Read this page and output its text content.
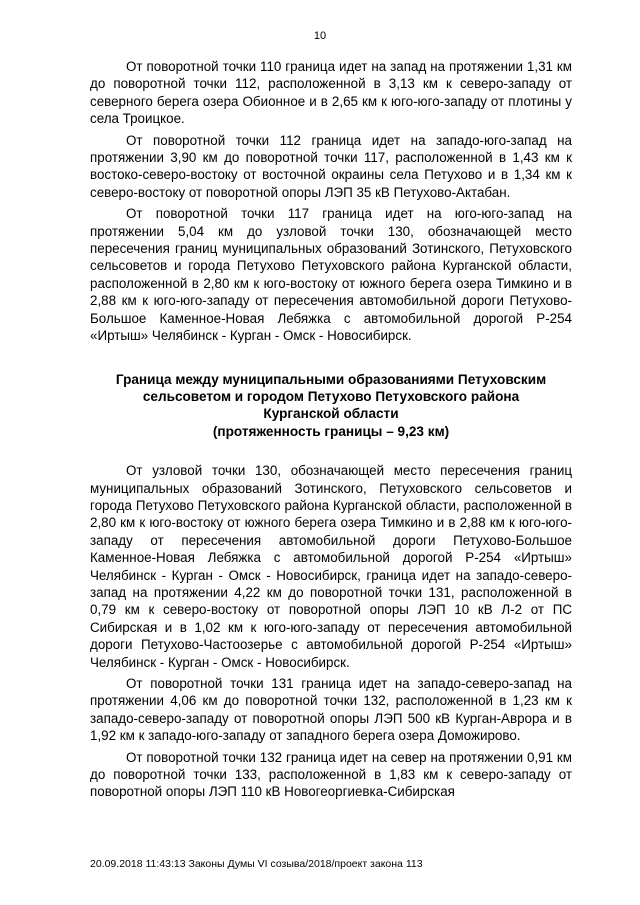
10

От поворотной точки 110 граница идет на запад на протяжении 1,31 км до поворотной точки 112, расположенной в 3,13 км к северо-западу от северного берега озера Обионное и в 2,65 км к юго-юго-западу от плотины у села Троицкое.

От поворотной точки 112 граница идет на западо-юго-запад на протяжении 3,90 км до поворотной точки 117, расположенной в 1,43 км к востоко-северо-востоку от восточной окраины села Петухово и в 1,34 км к северо-востоку от поворотной опоры ЛЭП 35 кВ Петухово-Актабан.

От поворотной точки 117 граница идет на юго-юго-запад на протяжении 5,04 км до узловой точки 130, обозначающей место пересечения границ муниципальных образований Зотинского, Петуховского сельсоветов и города Петухово Петуховского района Курганской области, расположенной в 2,80 км к юго-востоку от южного берега озера Тимкино и в 2,88 км к юго-юго-западу от пересечения автомобильной дороги Петухово-Большое Каменное-Новая Лебяжка с автомобильной дорогой Р-254 «Иртыш» Челябинск - Курган - Омск - Новосибирск.

Граница между муниципальными образованиями Петуховским
сельсоветом и городом Петухово Петуховского района
Курганской области
(протяженность границы – 9,23 км)

От узловой точки 130, обозначающей место пересечения границ муниципальных образований Зотинского, Петуховского сельсоветов и города Петухово Петуховского района Курганской области, расположенной в 2,80 км к юго-востоку от южного берега озера Тимкино и в 2,88 км к юго-юго-западу от пересечения автомобильной дороги Петухово-Большое Каменное-Новая Лебяжка с автомобильной дорогой Р-254 «Иртыш» Челябинск - Курган - Омск - Новосибирск, граница идет на западо-северо-запад на протяжении 4,22 км до поворотной точки 131, расположенной в 0,79 км к северо-востоку от поворотной опоры ЛЭП 10 кВ Л-2 от ПС Сибирская и в 1,02 км к юго-юго-западу от пересечения автомобильной дороги Петухово-Частоозерье с автомобильной дорогой Р-254 «Иртыш» Челябинск - Курган - Омск - Новосибирск.

От поворотной точки 131 граница идет на западо-северо-запад на протяжении 4,06 км до поворотной точки 132, расположенной в 1,23 км к западо-северо-западу от поворотной опоры ЛЭП 500 кВ Курган-Аврора и в 1,92 км к западо-юго-западу от западного берега озера Доможирово.

От поворотной точки 132 граница идет на север на протяжении 0,91 км до поворотной точки 133, расположенной в 1,83 км к северо-западу от поворотной опоры ЛЭП 110 кВ Новогеоргиевка-Сибирская

20.09.2018 11:43:13 Законы Думы VI созыва/2018/проект закона 113
